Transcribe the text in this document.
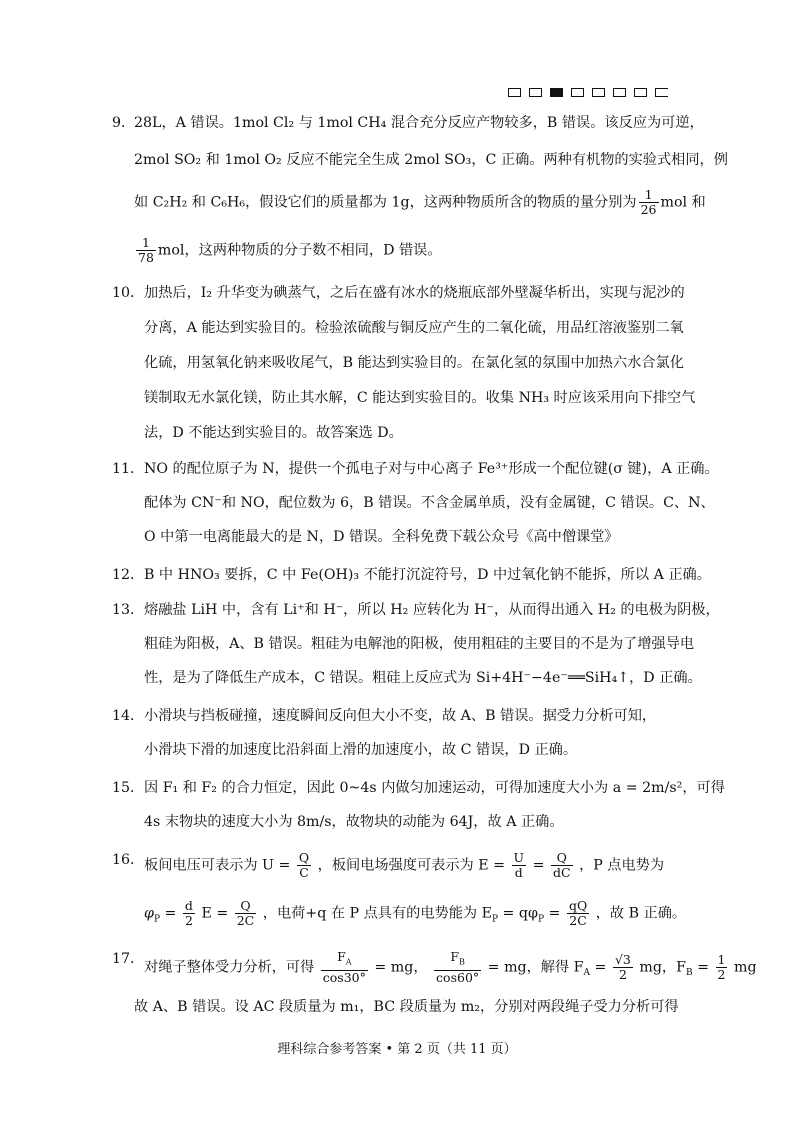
9．
28L，A 错误。1mol Cl₂ 与 1mol CH₄ 混合充分反应产物较多，B 错误。该反应为可逆，
2mol SO₂ 和 1mol O₂ 反应不能完全生成 2mol SO₃，C 正确。两种有机物的实验式相同，例
如 C₂H₂ 和 C₆H₆，假设它们的质量都为 1g，这两种物质所含的物质的量分别为 $\frac{1}{26}$ mol 和
$\frac{1}{78}$ mol，这两种物质的分子数不相同，D 错误。
10． 加热后，I₂ 升华变为碘蒸气，之后在盛有冰水的烧瓶底部外壁凝华析出，实现与泥沙的
分离，A 能达到实验目的。检验浓硫酸与铜反应产生的二氧化硫，用品红溶液鉴别二氧
化硫，用氢氧化钠来吸收尾气，B 能达到实验目的。在氯化氢的氛围中加热六水合氯化
镁制取无水氯化镁，防止其水解，C 能达到实验目的。收集 NH₃ 时应该采用向下排空气
法，D 不能达到实验目的。故答案选 D。
11． NO 的配位原子为 N，提供一个孤电子对与中心离子 Fe³⁺形成一个配位键(σ 键)，A 正确。
配体为 CN⁻和 NO，配位数为 6，B 错误。不含金属单质，没有金属键，C 错误。C、N、
O 中第一电离能最大的是 N，D 错误。全科免费下载公众号《高中僧课堂》
12． B 中 HNO₃ 要拆，C 中 Fe(OH)₃ 不能打沉淀符号，D 中过氧化钠不能拆，所以 A 正确。
13． 熔融盐 LiH 中，含有 Li⁺和 H⁻，所以 H₂ 应转化为 H⁻，从而得出通入 H₂ 的电极为阴极，
粗硅为阳极，A、B 错误。粗硅为电解池的阳极，使用粗硅的主要目的不是为了增强导电
性，是为了降低生产成本，C 错误。粗硅上反应式为 Si+4H⁻−4e⁻══SiH₄↑，D 正确。
14． 小滑块与挡板碰撞，速度瞬间反向但大小不变，故 A、B 错误。据受力分析可知，
小滑块下滑的加速度比沿斜面上滑的加速度小，故 C 错误，D 正确。
15． 因 F₁ 和 F₂ 的合力恒定，因此 0~4s 内做匀加速运动，可得加速度大小为 a = 2m/s²，可得
4s 末物块的速度大小为 8m/s，故物块的动能为 64J，故 A 正确。
16． 板间电压可表示为 $U = \frac{Q}{C}$ ，板间电场强度可表示为 $E = \frac{U}{d} = \frac{Q}{dC}$ ，P 点电势为
$\varphi_P = \frac{d}{2}$ $E = \frac{Q}{2C}$ ，电荷+q 在 P 点具有的电势能为 $E_P = q\varphi_P = \frac{qQ}{2C}$ ，故 B 正确。
17．
对绳子整体受力分析，可得 $\frac{F_A}{\cos 30^\circ}$ = mg， $\frac{F_B}{\cos 60^\circ}$ = mg，解得 $F_A = \frac{√3}{2}$ mg，$F_B = \frac{1}{2}$ mg
故 A、B 错误。设 AC 段质量为 m₁，BC 段质量为 m₂，分别对两段绳子受力分析可得
理科综合参考答案 • 第 2 页（共 11 页）
